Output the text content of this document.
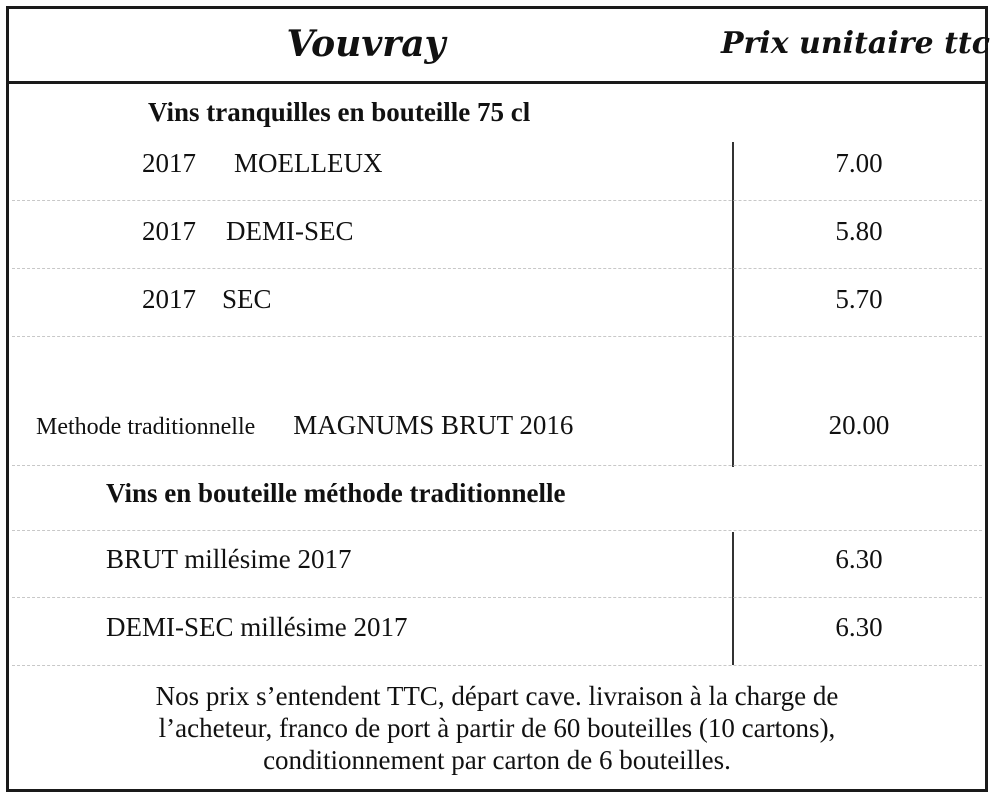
Vouvray	Prix unitaire ttc
Vins tranquilles en bouteille 75 cl
2017 MOELLEUX	7.00
2017 DEMI-SEC	5.80
2017 SEC	5.70
Methode traditionnelle MAGNUMS BRUT 2016	20.00
Vins en bouteille méthode traditionnelle
BRUT millésime 2017	6.30
DEMI-SEC millésime 2017	6.30
Nos prix s’entendent TTC, départ cave. livraison à la charge de
l’acheteur, franco de port à partir de 60 bouteilles (10 cartons),
conditionnement par carton de 6 bouteilles.
